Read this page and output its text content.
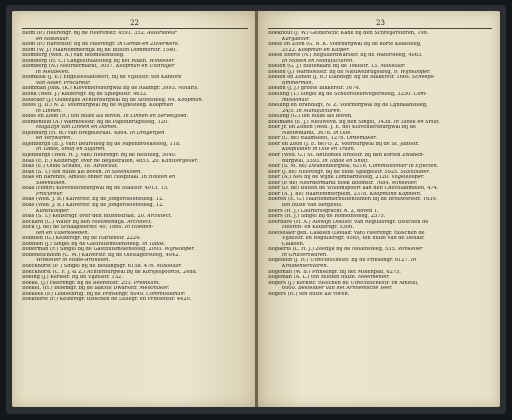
22
Blom (P.) Heerengr. bij de Heerenstr. 4591. 352. Assuradeur
en Makelaar.
Blom (P.) Hartenstr. bij de Heerengr. In Gemdi-en Zilverwerk.
Blom (W. J.) Haarlemmerdijk bij de Buiten Dommerstr. 1540.
Blomberg (Wed. A.) van Bosmolensteeg.
Blomberg (H. C.) Langestraatsteeg bij het Rokin. Winkelier
Blomberg (N.) Noordermarkt, 3057. Koopman en Uitdrager
in Meubelen.
Blomkolk (J. E.) Engelsestadswerf, bij de Vijzelstr. ten Kantore
van Asser. Procureur.
Blomman Johk. (K.) Kloveniersburgwal bij de Raamgr. 3993. Notaris.
Blonk (Wed. J.) Keizersgr. bij de Spiegelstr. 4632.
Bloocker (J.) Oudezijds Achterburgwal bij de Stoofsteeg. 64. Koopman.
Bloos (J. D.) N. Z. Voorburgwal bij de Wijdesteeg. Koopman
in Linnen.
Bloos en Zoon (R.) ten huize als boven. In Linnen en Servetgoed.
Blumenfeld (A.) Warmoesstr. bij de Papenbrugsteeg, 120.
Magazijn van Linnen en Dames.
Bijenburg (H. W.) van Bregelstraat. 4864. In Drogerijen
en Verfwaren.
Bijenburgh (B. J. van) Beursteeg bij de Papenbroeksteeg, 118.
In Tabak, Snuif en Sigaren.
Bijenburgh (Wed. H. J. van) Heerengr. bij de Beisteeg, 5040.
Boas (E. E.) Keizersgr. over de Beijestraten, 4853. 20. Kantoorgeller.
Boas (E.) Oude Schans, 18. Advocaat.
Boas (S. T.) ten huize als boven. In Steenkolen.
Boas en Barends, Amstel onder het Hospitaal. In Houten en
Steenkolen.
Boas (Henri) Kloveniersburgwal bij de Staalstr. 4013. 15.
Procureur.
Boas (Wed. J. B.) Kalverstr. bij de Jongeroelensteeg. 12.
Boas (Wed. J. B.) Kalverstr. bij de Jongeroelensteeg, 12.
Kunstkooper.
Boas (S. T.) Keizersgr. over den Rozenstraat. 20. Architect.
Bockard (C.) Water bij den Nieuwendijk. Architect.
Bock (J. de) de Schaapsterstr. 40, 1860. In Hoeden-
ten en Vlaerkleeden.
Boddien (G.) Keizersgr. bij de Hartenstr. 2224.
Boddien (J.) Singel bij de Gasthuismolensteeg. In Tabak.
Boderman (F.) Singel bij de Gasthuismolensteeg. 2093. Wijnkooper.
Bodeneschleim (C. M.) Kalverstr. bij de Oleslagersteeg, 4042.
Winkelier in Mode-Artikelen.
Boeckhorst (P. ) Singel bij de Beulingsgr. 6158. 476. Makelaar.
Boeckhorst (C. F. J. & Z.) Achterburgwal bij de Korsjespoortst. 2488.
Boeing (J.) Kerkstr. bij de Vijzelstr. 132.
Boeke, (J.) Heerengr. bij de Beerenstr. 253. Predikant.
Boekel, (H.) Bloemgr. bij de laatste Dwarsstr. Melkmaker.
Boekees (P.) Leidsebrug. bij de Prinsengr. 6049. Commissionair.
Boekhorst (F.) Keizersgr. tusschen de Leliegr. en Prinsenstr. 4420.
23
Boekhout (J. W.) Gelderschc Kade bij den Schreijerstoren, 196.
Kargadoor.
Boele en Zoon (G. N. K. Voorburgwal bij de korte Kolksteeg,
2122. Koopman en Kuiper.
Boele Boeris (N.) Regulierdwarsstr. bij de Watersteeg, 4063.
In Moden en Manufacturen.
Boelen (G. J.) Buitenkant bij de Toelistr. 13. Makelaar.
Boelen (J.) Warmoesstr. bij de Nieuwebrugsteeg, 9. Wijnkooper.
Boelen en Zonen (J. R.) Elandsgr. bij de Bikkerstr. 166s. Scheeps-
timmerman.
Boelen (J. J.) groote Bikkerstr. 1674.
Boelling (T.) Singel bij de Schoorsteenvegersteeg, 3250. Com-
missionair.
Boelling en Brandligt, N. Z. Voorburgwal bij de Lijnbaansteeg,
24/5. In Manufacturen.
Boelling (G.) ten huize als boven.
Boelmans (E. J.) Nieuwevd. bij den Singel, 1438. In Tabak en Snuif.
Boer Jr. en Zonen (Wed. J. E. de) Kloveniersburgwal bij de
Nieuwmarkt, 3678. In Olie.
Boer (C. de) Raamsloot, 1276. Ordemaker.
Boer en Zoon (J. E. de) O. Z. Voorburgwal bij de St. Jansstr.
Koopluiden in Olie en Traan.
Boer (Wed. G.) St. Anthonies Breestr. bij den korten Zwanen-
burgwal, 3393. In Tabak en Snuif.
Boer (S. M. de) Zwanenburgwal, 6216. Commissionair in Effecten.
Boer (J. de) Heerengr. bij de oude Spiegelstr. 5925. Stalhouder.
Boer (A.) Nes bij de wijde Lombardsteeg, 2120. Vogelkooper.
Boer (P. de) Noordermarkt hoek Boomstr. 7684. Winkelier.
Boer (D. de) Buiten de Willemspoort aan den Chocoladmolen, 474.
Boer (A. J. de) Haarlemmerplein, 2378. Koopmand Kapitein.
Boeren (E. G.) Haarlemmerbuitentuinen bij de Brouwersstr. 1639.
ten huize van Bergbuis.
Boers (H. J.) Laurierssgracht N. 2, boven 1.
Boers (H. J.) Singel bij de Romeinsteeg, 2375.
Boerhave (H. A.) Alewijn Doelstr. van Reguliersgr. tusschen de
Heeren- en Keizersgr. 5306.
Boetselaer gen. Calkoen (Douair. van) Heerengr. tusschen de
Vijzelstr. en Reguliersgr. 4585, ten huize van de Douair.
Calkoen.
Bogaerts (L. H. J.) Zeedijk bij de Molensteeg, 535. Winkelier
in Grutterswaren.
Bögehold (J. H.) Utrechtschestr. bij de Prinsengr. 6127. In
Kruideniersvaren.
Bögeman (W. B.) Prinsengr. bij het Molenpad, 6275.
Bögeman (A. L.) ten zelfden huize. Meelmenier.
Bogers (J.) Kerkstr. tusschen de Utrechtschestr. en Amstel,
6000. Besteldier van het Arnhemsche Veer.
Bogers (H.) ten huize als voren.
